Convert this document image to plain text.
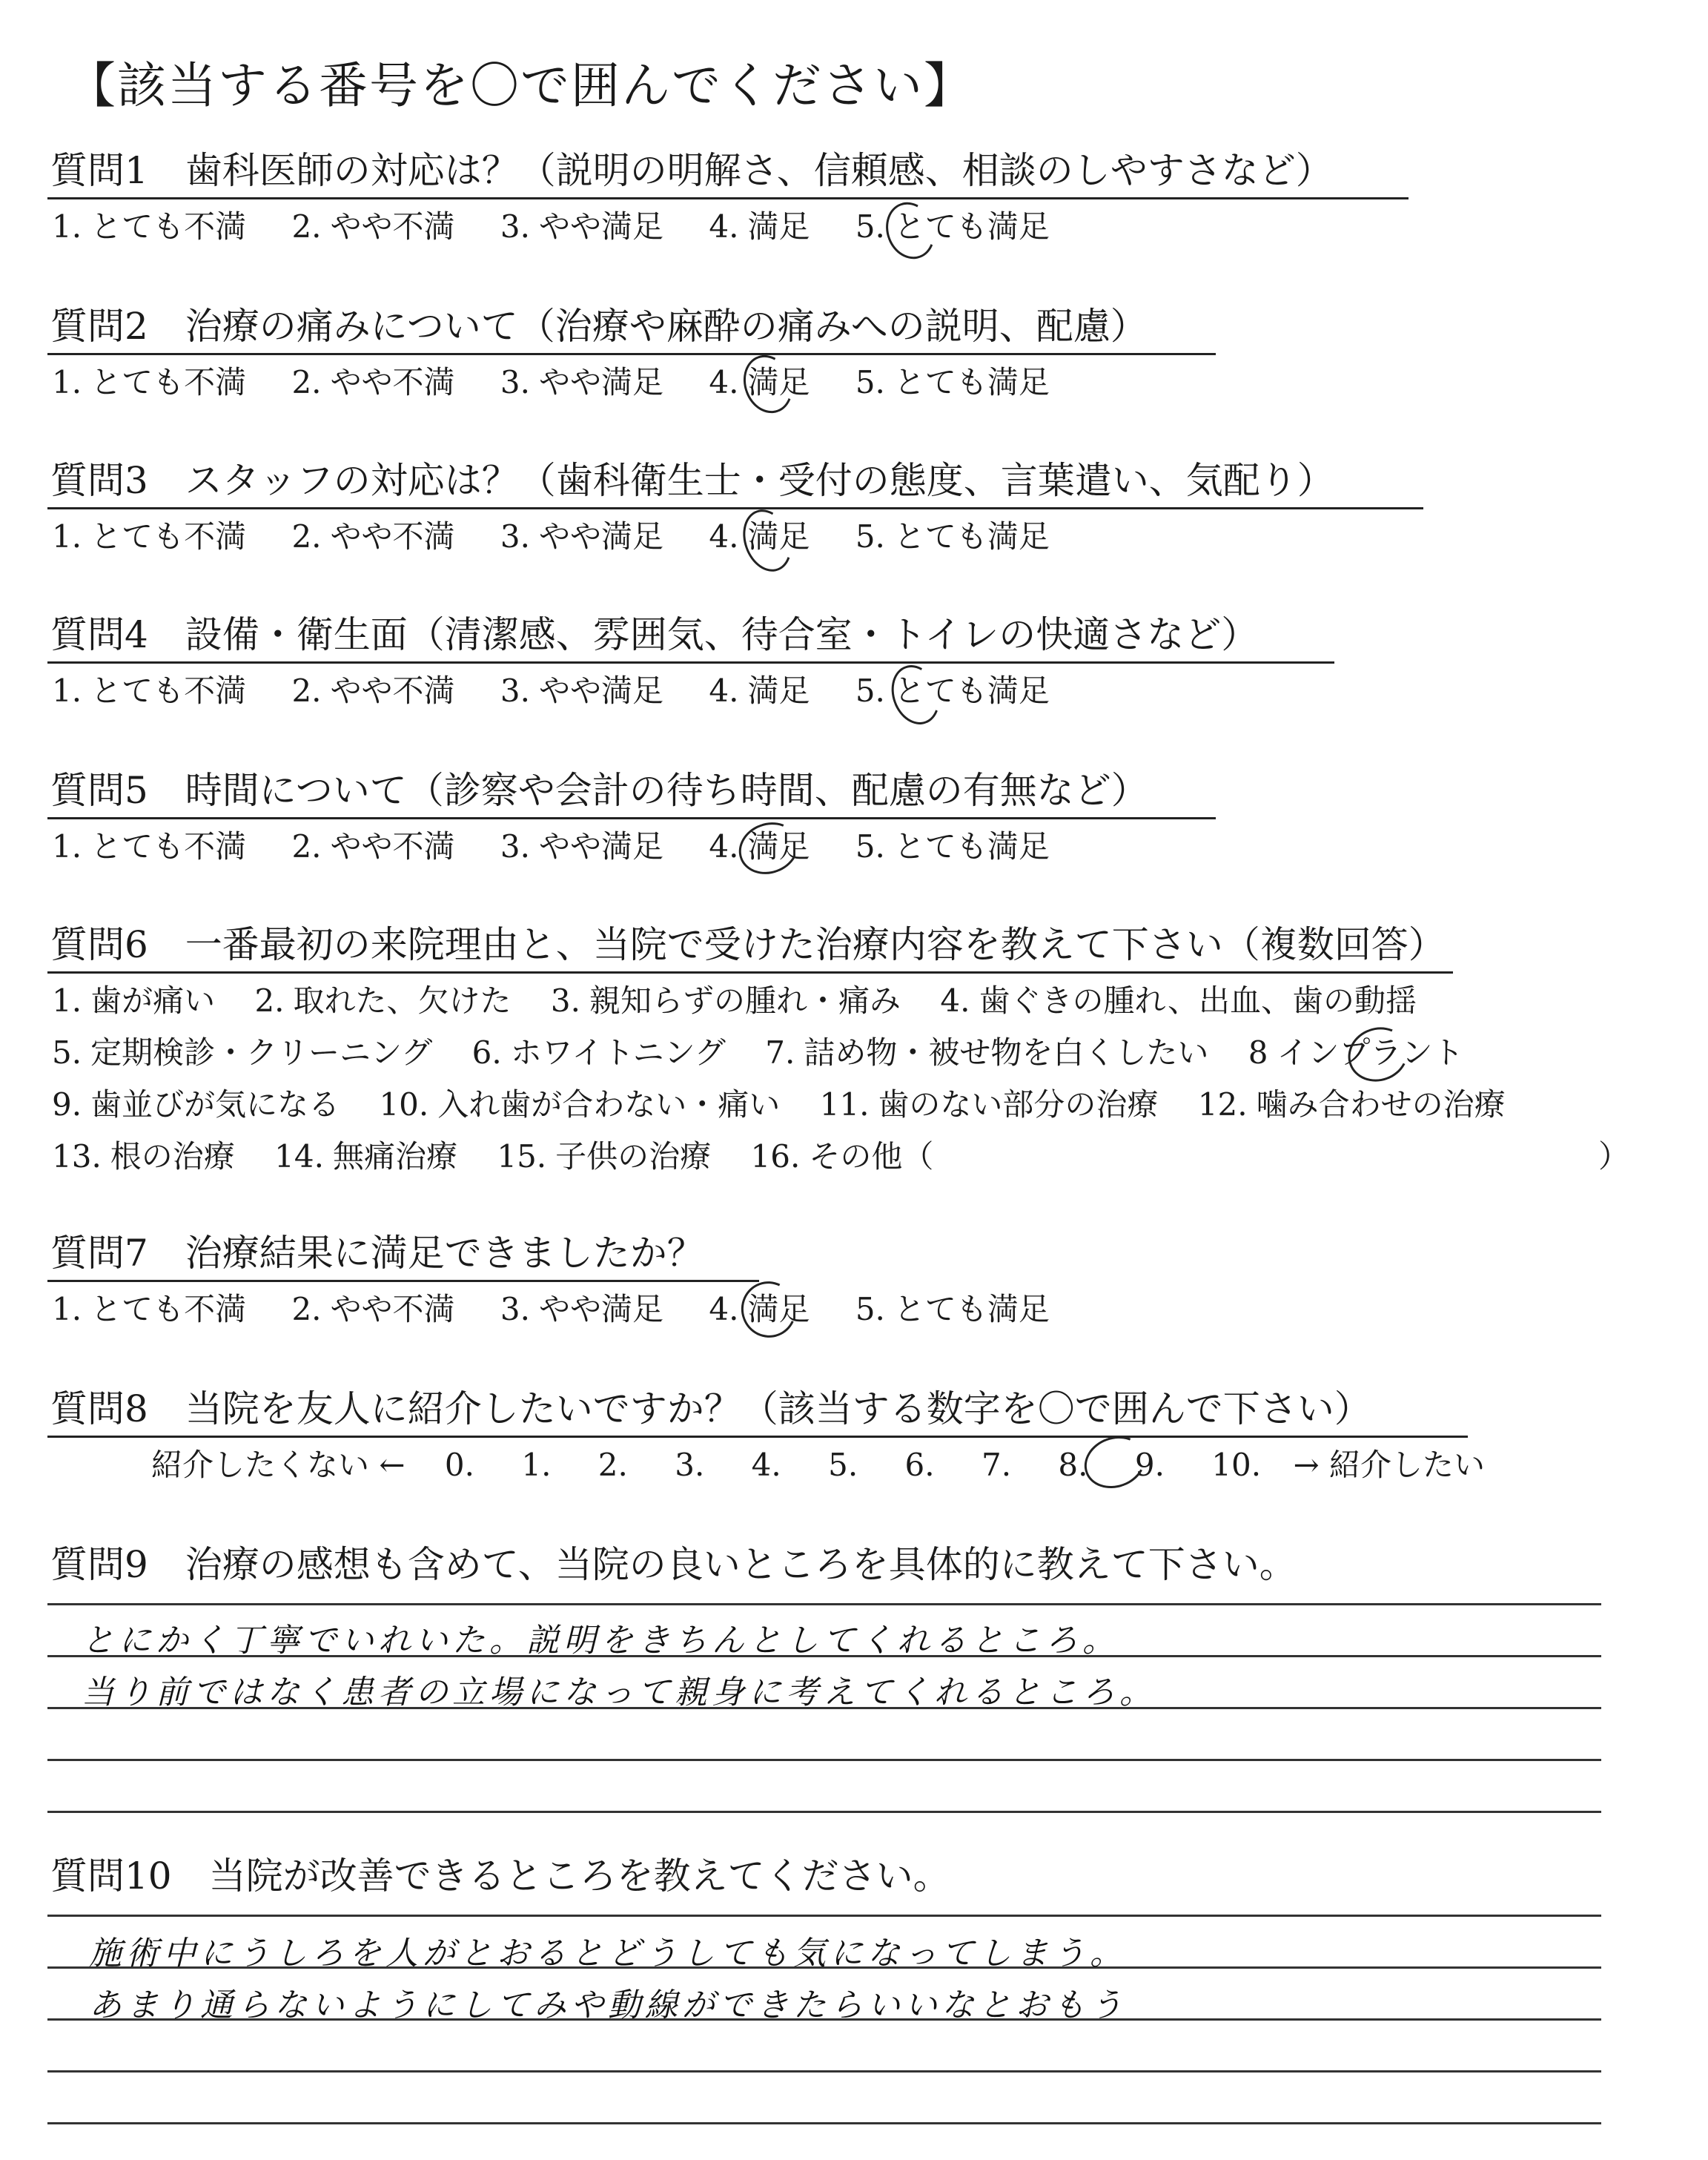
【該当する番号を〇で囲んでください】
質問1　歯科医師の対応は？（説明の明解さ、信頼感、相談のしやすさなど）
1. とても不満 2. やや不満 3. やや満足 4. 満足 5. とても満足
質問2　治療の痛みについて（治療や麻酔の痛みへの説明、配慮）
1. とても不満 2. やや不満 3. やや満足 4. 満足 5. とても満足
質問3　スタッフの対応は？（歯科衛生士・受付の態度、言葉遣い、気配り）
1. とても不満 2. やや不満 3. やや満足 4. 満足 5. とても満足
質問4　設備・衛生面（清潔感、雰囲気、待合室・トイレの快適さなど）
1. とても不満 2. やや不満 3. やや満足 4. 満足 5. とても満足
質問5　時間について（診察や会計の待ち時間、配慮の有無など）
1. とても不満 2. やや不満 3. やや満足 4. 満足 5. とても満足
質問6　一番最初の来院理由と、当院で受けた治療内容を教えて下さい（複数回答）
1. 歯が痛い 2. 取れた、欠けた 3. 親知らずの腫れ・痛み 4. 歯ぐきの腫れ、出血、歯の動揺
5. 定期検診・クリーニング 6. ホワイトニング 7. 詰め物・被せ物を白くしたい 8 インプラント
9. 歯並びが気になる 10. 入れ歯が合わない・痛い 11. 歯のない部分の治療 12. 噛み合わせの治療
13. 根の治療 14. 無痛治療 15. 子供の治療 16. その他（	）
質問7　治療結果に満足できましたか？
1. とても不満 2. やや不満 3. やや満足 4. 満足 5. とても満足
質問8　当院を友人に紹介したいですか？（該当する数字を〇で囲んで下さい）
紹介したくない ← 0. 1. 2. 3. 4. 5. 6. 7. 8. 9. 10. → 紹介したい
質問9　治療の感想も含めて、当院の良いところを具体的に教えて下さい。
とにかく丁寧でいれいた。説明をきちんとしてくれるところ。
当り前ではなく患者の立場になって親身に考えてくれるところ。
質問10　当院が改善できるところを教えてください。
施術中にうしろを人がとおるとどうしても気になってしまう。
あまり通らないようにしてみや動線ができたらいいなとおもう
